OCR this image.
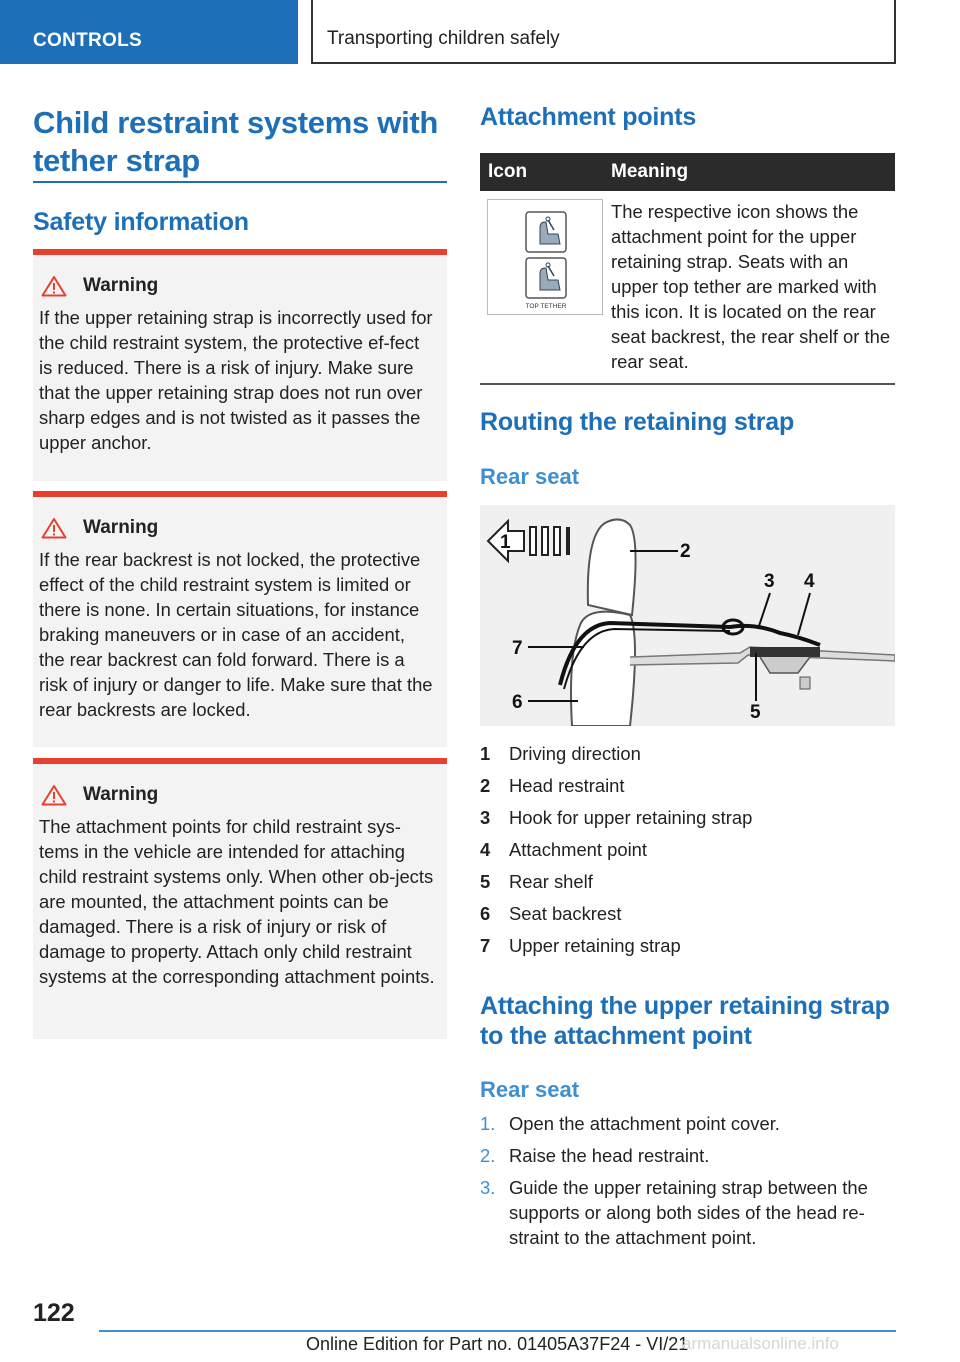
CONTROLS	Transporting children safely
Child restraint systems with tether strap
Safety information
Warning
If the upper retaining strap is incorrectly used for the child restraint system, the protective ef‐fect is reduced. There is a risk of injury. Make sure that the upper retaining strap does not run over sharp edges and is not twisted as it passes the upper anchor.
Warning
If the rear backrest is not locked, the protective effect of the child restraint system is limited or there is none. In certain situations, for instance braking maneuvers or in case of an accident, the rear backrest can fold forward. There is a risk of injury or danger to life. Make sure that the rear backrests are locked.
Warning
The attachment points for child restraint sys‐tems in the vehicle are intended for attaching child restraint systems only. When other ob‐jects are mounted, the attachment points can be damaged. There is a risk of injury or risk of damage to property. Attach only child restraint systems at the corresponding attachment points.
Attachment points
Icon	Meaning
TOP TETHER
The respective icon shows the attachment point for the upper retaining strap. Seats with an upper top tether are marked with this icon. It is located on the rear seat backrest, the rear shelf or the rear seat.
Routing the retaining strap
Rear seat
1	2
3 4
5
6
7
1	Driving direction
2	Head restraint
3	Hook for upper retaining strap
4	Attachment point
5	Rear shelf
6	Seat backrest
7	Upper retaining strap
Attaching the upper retaining strap to the attachment point
Rear seat
1. Open the attachment point cover.
2. Raise the head restraint.
3. Guide the upper retaining strap between the supports or along both sides of the head re‐straint to the attachment point.
122
Online Edition for Part no. 01405A37F24 - VI/21
armanualsonline.info
